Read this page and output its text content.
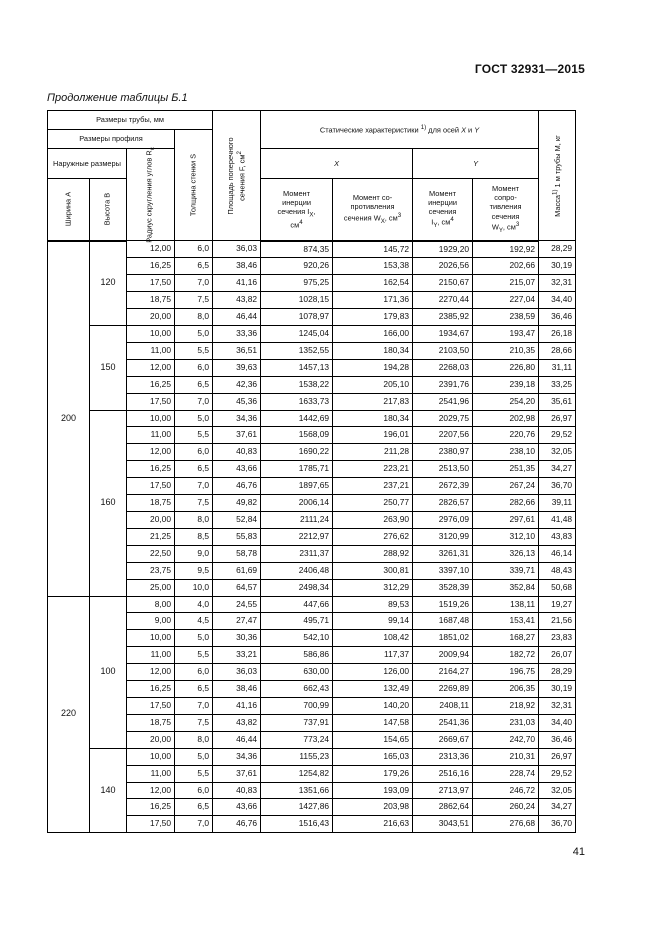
ГОСТ 32931—2015
Продолжение таблицы Б.1
Размеры трубы, мм				Площадь поперечного сечения F, $см^2$	Статические характеристики $^{1)}$ для осей X и Y				Масса$^{1)}$ 1 м трубы M, кг

Размеры профиля			Толщина стенки S						

Наружные размеры		Радиус скругления углов $R_с$			X		Y		

Ширина A	Высота B				Момент
инерции
сечения $I_X$,
$см^4$	Момент со-
противления
сечения $W_X$, $см^3$	Момент
инерции
сечения
$I_Y$, $см^4$	Момент
сопро-
тивления
сечения
$W_Y$, $см^3$
200	120	12,00	6,0	36,03	874,35	145,72	1929,20	192,92	28,29
		16,25	6,5	38,46	920,26	153,38	2026,56	202,66	30,19
		17,50	7,0	41,16	975,25	162,54	2150,67	215,07	32,31
		18,75	7,5	43,82	1028,15	171,36	2270,44	227,04	34,40
		20,00	8,0	46,44	1078,97	179,83	2385,92	238,59	36,46
	150	10,00	5,0	33,36	1245,04	166,00	1934,67	193,47	26,18
		11,00	5,5	36,51	1352,55	180,34	2103,50	210,35	28,66
		12,00	6,0	39,63	1457,13	194,28	2268,03	226,80	31,11
		16,25	6,5	42,36	1538,22	205,10	2391,76	239,18	33,25
		17,50	7,0	45,36	1633,73	217,83	2541,96	254,20	35,61
	160	10,00	5,0	34,36	1442,69	180,34	2029,75	202,98	26,97
		11,00	5,5	37,61	1568,09	196,01	2207,56	220,76	29,52
		12,00	6,0	40,83	1690,22	211,28	2380,97	238,10	32,05
		16,25	6,5	43,66	1785,71	223,21	2513,50	251,35	34,27
		17,50	7,0	46,76	1897,65	237,21	2672,39	267,24	36,70
		18,75	7,5	49,82	2006,14	250,77	2826,57	282,66	39,11
		20,00	8,0	52,84	2111,24	263,90	2976,09	297,61	41,48
		21,25	8,5	55,83	2212,97	276,62	3120,99	312,10	43,83
		22,50	9,0	58,78	2311,37	288,92	3261,31	326,13	46,14
		23,75	9,5	61,69	2406,48	300,81	3397,10	339,71	48,43
		25,00	10,0	64,57	2498,34	312,29	3528,39	352,84	50,68
220	100	8,00	4,0	24,55	447,66	89,53	1519,26	138,11	19,27
		9,00	4,5	27,47	495,71	99,14	1687,48	153,41	21,56
		10,00	5,0	30,36	542,10	108,42	1851,02	168,27	23,83
		11,00	5,5	33,21	586,86	117,37	2009,94	182,72	26,07
		12,00	6,0	36,03	630,00	126,00	2164,27	196,75	28,29
		16,25	6,5	38,46	662,43	132,49	2269,89	206,35	30,19
		17,50	7,0	41,16	700,99	140,20	2408,11	218,92	32,31
		18,75	7,5	43,82	737,91	147,58	2541,36	231,03	34,40
		20,00	8,0	46,44	773,24	154,65	2669,67	242,70	36,46
	140	10,00	5,0	34,36	1155,23	165,03	2313,36	210,31	26,97
		11,00	5,5	37,61	1254,82	179,26	2516,16	228,74	29,52
		12,00	6,0	40,83	1351,66	193,09	2713,97	246,72	32,05
		16,25	6,5	43,66	1427,86	203,98	2862,64	260,24	34,27
		17,50	7,0	46,76	1516,43	216,63	3043,51	276,68	36,70
41
